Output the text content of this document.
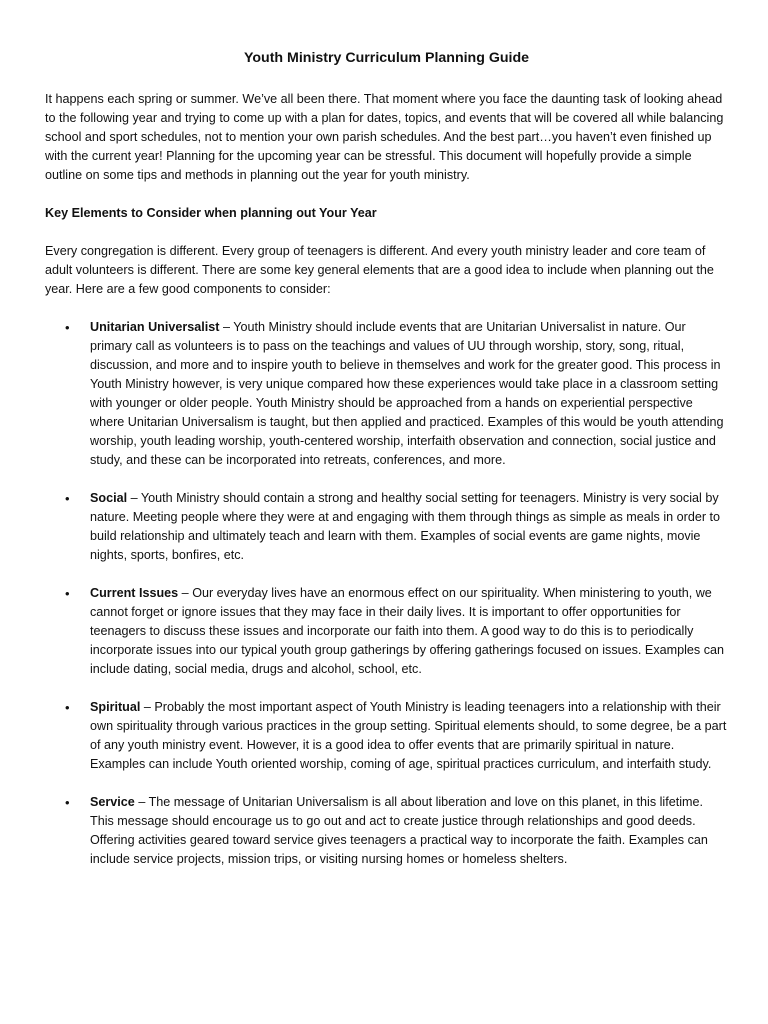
Youth Ministry Curriculum Planning Guide

It happens each spring or summer. We’ve all been there. That moment where you face the daunting task of looking ahead to the following year and trying to come up with a plan for dates, topics, and events that will be covered all while balancing school and sport schedules, not to mention your own parish schedules. And the best part…you haven’t even finished up with the current year! Planning for the upcoming year can be stressful. This document will hopefully provide a simple outline on some tips and methods in planning out the year for youth ministry.

Key Elements to Consider when planning out Your Year

Every congregation is different. Every group of teenagers is different. And every youth ministry leader and core team of adult volunteers is different. There are some key general elements that are a good idea to include when planning out the year. Here are a few good components to consider:

• Unitarian Universalist – Youth Ministry should include events that are Unitarian Universalist in nature. Our primary call as volunteers is to pass on the teachings and values of UU through worship, story, song, ritual, discussion, and more and to inspire youth to believe in themselves and work for the greater good. This process in Youth Ministry however, is very unique compared how these experiences would take place in a classroom setting with younger or older people. Youth Ministry should be approached from a hands on experiential perspective where Unitarian Universalism is taught, but then applied and practiced. Examples of this would be youth attending worship, youth leading worship, youth-centered worship, interfaith observation and connection, social justice and study, and these can be incorporated into retreats, conferences, and more.
• Social – Youth Ministry should contain a strong and healthy social setting for teenagers. Ministry is very social by nature. Meeting people where they were at and engaging with them through things as simple as meals in order to build relationship and ultimately teach and learn with them. Examples of social events are game nights, movie nights, sports, bonfires, etc.
• Current Issues – Our everyday lives have an enormous effect on our spirituality. When ministering to youth, we cannot forget or ignore issues that they may face in their daily lives. It is important to offer opportunities for teenagers to discuss these issues and incorporate our faith into them. A good way to do this is to periodically incorporate issues into our typical youth group gatherings by offering gatherings focused on issues. Examples can include dating, social media, drugs and alcohol, school, etc.
• Spiritual – Probably the most important aspect of Youth Ministry is leading teenagers into a relationship with their own spirituality through various practices in the group setting. Spiritual elements should, to some degree, be a part of any youth ministry event. However, it is a good idea to offer events that are primarily spiritual in nature. Examples can include Youth oriented worship, coming of age, spiritual practices curriculum, and interfaith study.
• Service – The message of Unitarian Universalism is all about liberation and love on this planet, in this lifetime. This message should encourage us to go out and act to create justice through relationships and good deeds. Offering activities geared toward service gives teenagers a practical way to incorporate the faith. Examples can include service projects, mission trips, or visiting nursing homes or homeless shelters.
